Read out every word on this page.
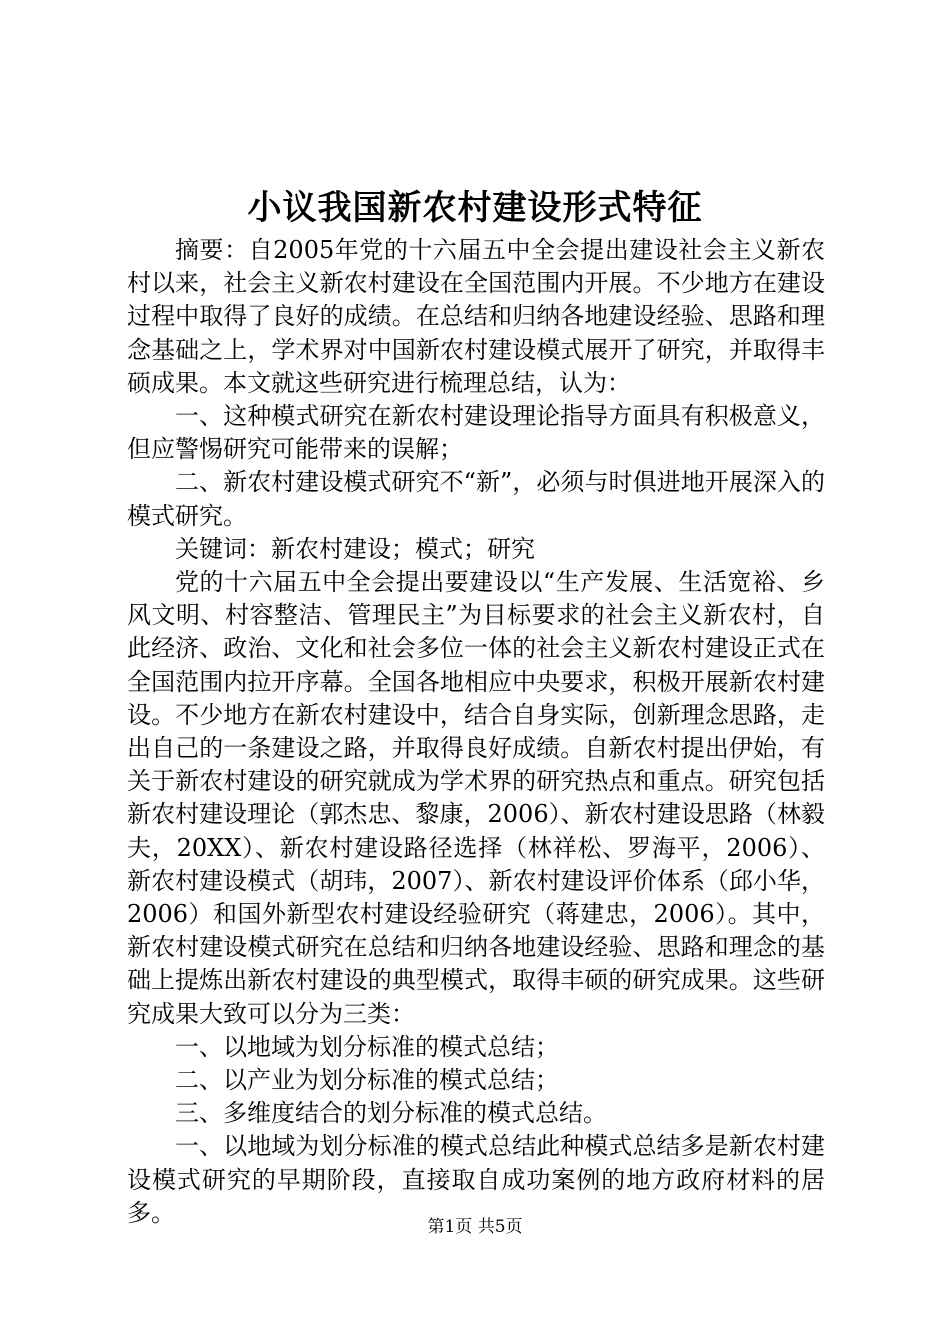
小议我国新农村建设形式特征

摘要：自2005年党的十六届五中全会提出建设社会主义新农村以来，社会主义新农村建设在全国范围内开展。不少地方在建设过程中取得了良好的成绩。在总结和归纳各地建设经验、思路和理念基础之上，学术界对中国新农村建设模式展开了研究，并取得丰硕成果。本文就这些研究进行梳理总结，认为：

一、这种模式研究在新农村建设理论指导方面具有积极意义，但应警惕研究可能带来的误解；

二、新农村建设模式研究不“新”，必须与时俱进地开展深入的模式研究。

关键词：新农村建设；模式；研究

党的十六届五中全会提出要建设以“生产发展、生活宽裕、乡风文明、村容整洁、管理民主”为目标要求的社会主义新农村，自此经济、政治、文化和社会多位一体的社会主义新农村建设正式在全国范围内拉开序幕。全国各地相应中央要求，积极开展新农村建设。不少地方在新农村建设中，结合自身实际，创新理念思路，走出自己的一条建设之路，并取得良好成绩。自新农村提出伊始，有关于新农村建设的研究就成为学术界的研究热点和重点。研究包括新农村建设理论（郭杰忠、黎康，2006）、新农村建设思路（林毅夫，20XX）、新农村建设路径选择（林祥松、罗海平，2006）、新农村建设模式（胡玮，2007）、新农村建设评价体系（邱小华，2006）和国外新型农村建设经验研究（蒋建忠，2006）。其中，新农村建设模式研究在总结和归纳各地建设经验、思路和理念的基础上提炼出新农村建设的典型模式，取得丰硕的研究成果。这些研究成果大致可以分为三类：

一、以地域为划分标准的模式总结；

二、以产业为划分标准的模式总结；

三、多维度结合的划分标准的模式总结。

一、以地域为划分标准的模式总结此种模式总结多是新农村建设模式研究的早期阶段，直接取自成功案例的地方政府材料的居多。

第1页 共5页
